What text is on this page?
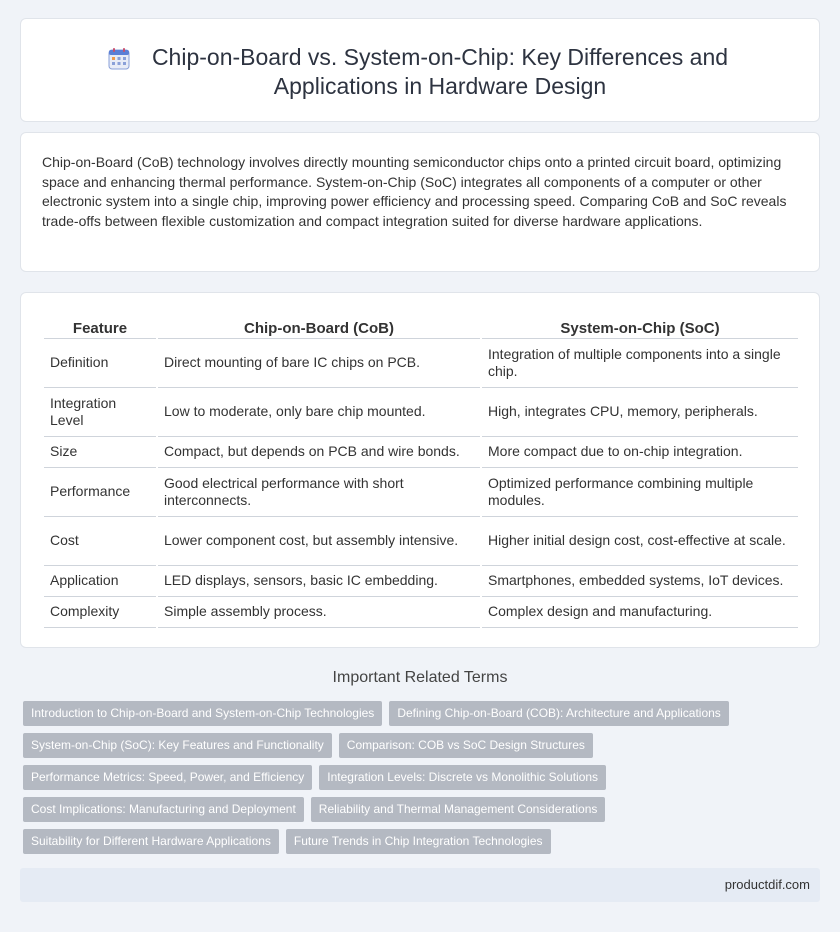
Chip-on-Board vs. System-on-Chip: Key Differences and Applications in Hardware Design

Chip-on-Board (CoB) technology involves directly mounting semiconductor chips onto a printed circuit board, optimizing space and enhancing thermal performance. System-on-Chip (SoC) integrates all components of a computer or other electronic system into a single chip, improving power efficiency and processing speed. Comparing CoB and SoC reveals trade-offs between flexible customization and compact integration suited for diverse hardware applications.

Feature	Chip-on-Board (CoB)	System-on-Chip (SoC)
Definition	Direct mounting of bare IC chips on PCB.	Integration of multiple components into a single chip.
Integration Level	Low to moderate, only bare chip mounted.	High, integrates CPU, memory, peripherals.
Size	Compact, but depends on PCB and wire bonds.	More compact due to on-chip integration.
Performance	Good electrical performance with short interconnects.	Optimized performance combining multiple modules.
Cost	Lower component cost, but assembly intensive.	Higher initial design cost, cost-effective at scale.
Application	LED displays, sensors, basic IC embedding.	Smartphones, embedded systems, IoT devices.
Complexity	Simple assembly process.	Complex design and manufacturing.
Important Related Terms
Introduction to Chip-on-Board and System-on-Chip Technologies	Defining Chip-on-Board (COB): Architecture and Applications
System-on-Chip (SoC): Key Features and Functionality	Comparison: COB vs SoC Design Structures
Performance Metrics: Speed, Power, and Efficiency	Integration Levels: Discrete vs Monolithic Solutions
Cost Implications: Manufacturing and Deployment	Reliability and Thermal Management Considerations
Suitability for Different Hardware Applications	Future Trends in Chip Integration Technologies
productdif.com
